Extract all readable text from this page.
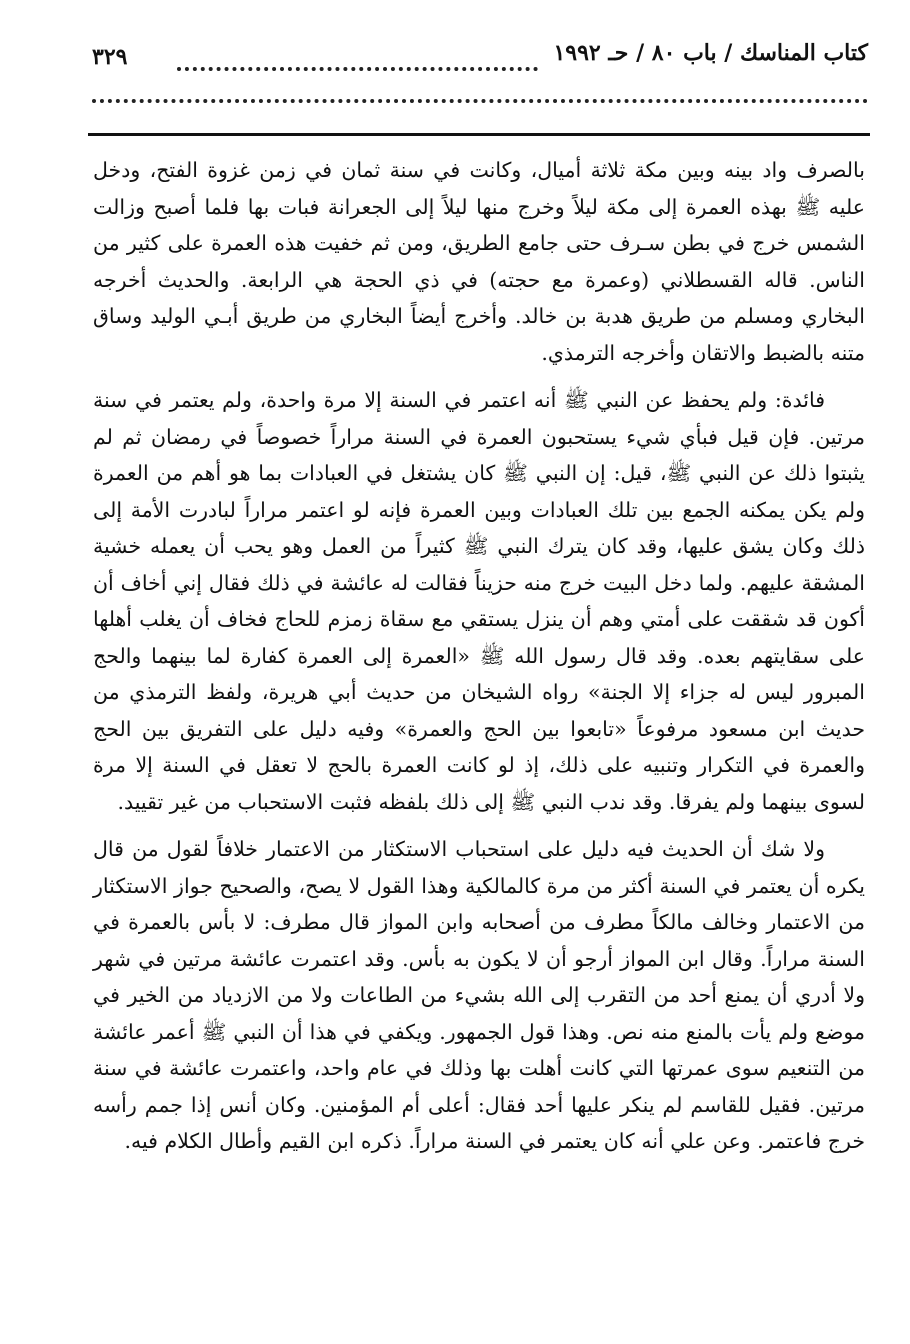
كتاب المناسك / باب ٨٠ / حـ ١٩٩٢
٣٢٩

بالصرف واد بينه وبين مكة ثلاثة أميال، وكانت في سنة ثمان في زمن غزوة الفتح، ودخل عليه ﷺ بهذه العمرة إلى مكة ليلاً وخرج منها ليلاً إلى الجعرانة فبات بها فلما أصبح وزالت الشمس خرج في بطن سـرف حتى جامع الطريق، ومن ثم خفيت هذه العمرة على كثير من الناس. قاله القسطلاني (وعمرة مع حجته) في ذي الحجة هي الرابعة. والحديث أخرجه البخاري ومسلم من طريق هدبة بن خالد. وأخرج أيضاً البخاري من طريق أبـي الوليد وساق متنه بالضبط والاتقان وأخرجه الترمذي.

فائدة: ولم يحفظ عن النبي ﷺ أنه اعتمر في السنة إلا مرة واحدة، ولم يعتمر في سنة مرتين. فإن قيل فبأي شيء يستحبون العمرة في السنة مراراً خصوصاً في رمضان ثم لم يثبتوا ذلك عن النبي ﷺ، قيل: إن النبي ﷺ كان يشتغل في العبادات بما هو أهم من العمرة ولم يكن يمكنه الجمع بين تلك العبادات وبين العمرة فإنه لو اعتمر مراراً لبادرت الأمة إلى ذلك وكان يشق عليها، وقد كان يترك النبي ﷺ كثيراً من العمل وهو يحب أن يعمله خشية المشقة عليهم. ولما دخل البيت خرج منه حزيناً فقالت له عائشة في ذلك فقال إني أخاف أن أكون قد شققت على أمتي وهم أن ينزل يستقي مع سقاة زمزم للحاج فخاف أن يغلب أهلها على سقايتهم بعده. وقد قال رسول الله ﷺ «العمرة إلى العمرة كفارة لما بينهما والحج المبرور ليس له جزاء إلا الجنة» رواه الشيخان من حديث أبي هريرة، ولفظ الترمذي من حديث ابن مسعود مرفوعاً «تابعوا بين الحج والعمرة» وفيه دليل على التفريق بين الحج والعمرة في التكرار وتنبيه على ذلك، إذ لو كانت العمرة بالحج لا تعقل في السنة إلا مرة لسوى بينهما ولم يفرقا. وقد ندب النبي ﷺ إلى ذلك بلفظه فثبت الاستحباب من غير تقييد.

ولا شك أن الحديث فيه دليل على استحباب الاستكثار من الاعتمار خلافاً لقول من قال يكره أن يعتمر في السنة أكثر من مرة كالمالكية وهذا القول لا يصح، والصحيح جواز الاستكثار من الاعتمار وخالف مالكاً مطرف من أصحابه وابن المواز قال مطرف: لا بأس بالعمرة في السنة مراراً. وقال ابن المواز أرجو أن لا يكون به بأس. وقد اعتمرت عائشة مرتين في شهر ولا أدري أن يمنع أحد من التقرب إلى الله بشيء من الطاعات ولا من الازدياد من الخير في موضع ولم يأت بالمنع منه نص. وهذا قول الجمهور. ويكفي في هذا أن النبي ﷺ أعمر عائشة من التنعيم سوى عمرتها التي كانت أهلت بها وذلك في عام واحد، واعتمرت عائشة في سنة مرتين. فقيل للقاسم لم ينكر عليها أحد فقال: أعلى أم المؤمنين. وكان أنس إذا جمم رأسه خرج فاعتمر. وعن علي أنه كان يعتمر في السنة مراراً. ذكره ابن القيم وأطال الكلام فيه.
